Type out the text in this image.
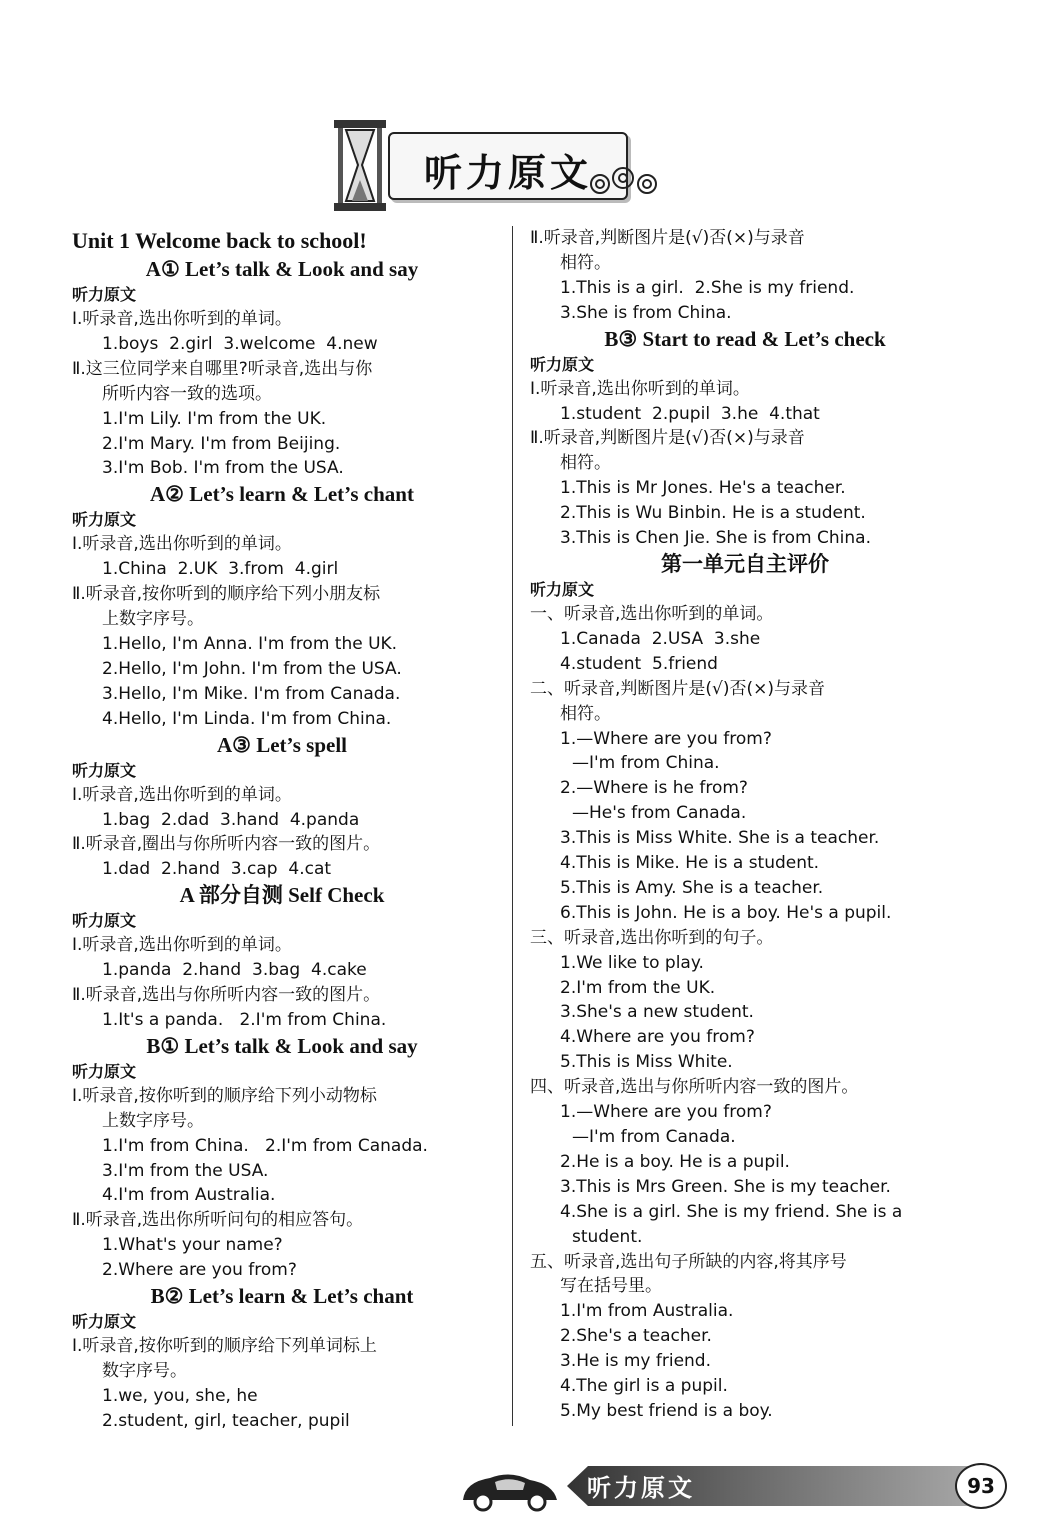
听力原文
Unit 1 Welcome back to school!
A① Let’s talk & Look and say
听力原文
Ⅰ.听录音,选出你听到的单词。
1.boys  2.girl  3.welcome  4.new
Ⅱ.这三位同学来自哪里?听录音,选出与你
所听内容一致的选项。
1.I'm Lily. I'm from the UK.
2.I'm Mary. I'm from Beijing.
3.I'm Bob. I'm from the USA.
A② Let’s learn & Let’s chant
听力原文
Ⅰ.听录音,选出你听到的单词。
1.China  2.UK  3.from  4.girl
Ⅱ.听录音,按你听到的顺序给下列小朋友标
上数字序号。
1.Hello, I'm Anna. I'm from the UK.
2.Hello, I'm John. I'm from the USA.
3.Hello, I'm Mike. I'm from Canada.
4.Hello, I'm Linda. I'm from China.
A③ Let’s spell
听力原文
Ⅰ.听录音,选出你听到的单词。
1.bag  2.dad  3.hand  4.panda
Ⅱ.听录音,圈出与你所听内容一致的图片。
1.dad  2.hand  3.cap  4.cat
A 部分自测 Self Check
听力原文
Ⅰ.听录音,选出你听到的单词。
1.panda  2.hand  3.bag  4.cake
Ⅱ.听录音,选出与你所听内容一致的图片。
1.It's a panda.   2.I'm from China.
B① Let’s talk & Look and say
听力原文
Ⅰ.听录音,按你听到的顺序给下列小动物标
上数字序号。
1.I'm from China.   2.I'm from Canada.
3.I'm from the USA.
4.I'm from Australia.
Ⅱ.听录音,选出你所听问句的相应答句。
1.What's your name?
2.Where are you from?
B② Let’s learn & Let’s chant
听力原文
Ⅰ.听录音,按你听到的顺序给下列单词标上
数字序号。
1.we, you, she, he
2.student, girl, teacher, pupil
Ⅱ.听录音,判断图片是(√)否(×)与录音
相符。
1.This is a girl.  2.She is my friend.
3.She is from China.
B③ Start to read & Let’s check
听力原文
Ⅰ.听录音,选出你听到的单词。
1.student  2.pupil  3.he  4.that
Ⅱ.听录音,判断图片是(√)否(×)与录音
相符。
1.This is Mr Jones. He's a teacher.
2.This is Wu Binbin. He is a student.
3.This is Chen Jie. She is from China.
第一单元自主评价
听力原文
一、听录音,选出你听到的单词。
1.Canada  2.USA  3.she
4.student  5.friend
二、听录音,判断图片是(√)否(×)与录音
相符。
1.—Where are you from?
—I'm from China.
2.—Where is he from?
—He's from Canada.
3.This is Miss White. She is a teacher.
4.This is Mike. He is a student.
5.This is Amy. She is a teacher.
6.This is John. He is a boy. He's a pupil.
三、听录音,选出你听到的句子。
1.We like to play.
2.I'm from the UK.
3.She's a new student.
4.Where are you from?
5.This is Miss White.
四、听录音,选出与你所听内容一致的图片。
1.—Where are you from?
—I'm from Canada.
2.He is a boy. He is a pupil.
3.This is Mrs Green. She is my teacher.
4.She is a girl. She is my friend. She is a
student.
五、听录音,选出句子所缺的内容,将其序号
写在括号里。
1.I'm from Australia.
2.She's a teacher.
3.He is my friend.
4.The girl is a pupil.
5.My best friend is a boy.
听力原文	93
